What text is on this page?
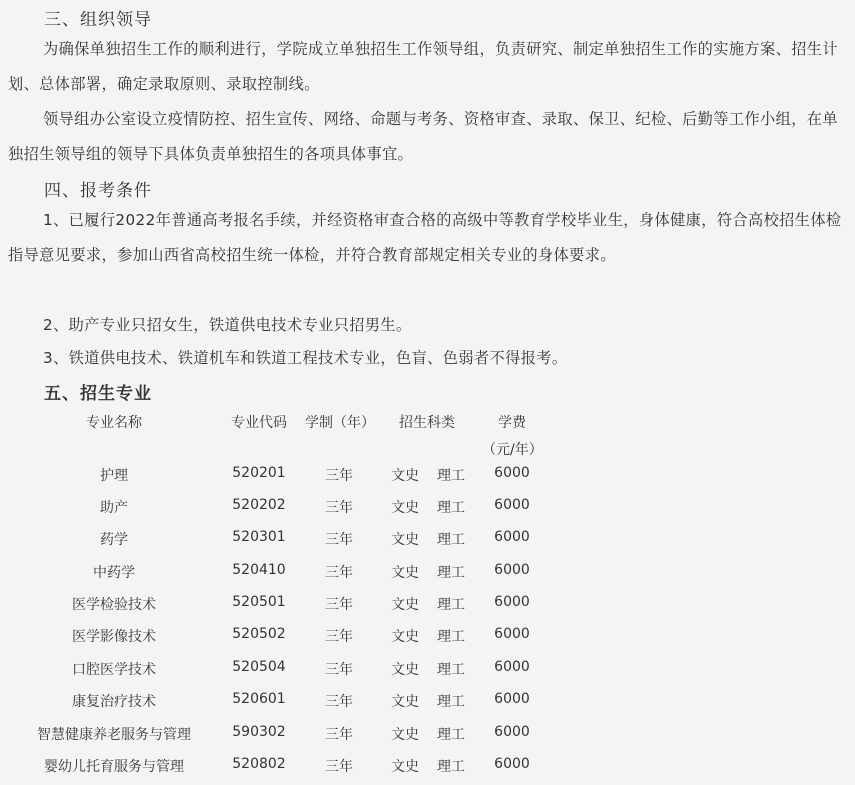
三、组织领导
为确保单独招生工作的顺利进行，学院成立单独招生工作领导组，负责研究、制定单独招生工作的实施方案、招生计划、总体部署，确定录取原则、录取控制线。
领导组办公室设立疫情防控、招生宣传、网络、命题与考务、资格审查、录取、保卫、纪检、后勤等工作小组，在单独招生领导组的领导下具体负责单独招生的各项具体事宜。
四、报考条件
1、已履行2022年普通高考报名手续，并经资格审查合格的高级中等教育学校毕业生，身体健康，符合高校招生体检指导意见要求，参加山西省高校招生统一体检，并符合教育部规定相关专业的身体要求。
2、助产专业只招女生，铁道供电技术专业只招男生。
3、铁道供电技术、铁道机车和铁道工程技术专业，色盲、色弱者不得报考。
五、招生专业
专业名称	专业代码 学制（年）	招生科类	学费
（元/年）
护理	520201	三年	文史	理工	6000
助产	520202	三年	文史	理工	6000
药学	520301	三年	文史	理工	6000
中药学	520410	三年	文史	理工	6000
医学检验技术	520501	三年	文史	理工	6000
医学影像技术	520502	三年	文史	理工	6000
口腔医学技术	520504	三年	文史	理工	6000
康复治疗技术	520601	三年	文史	理工	6000
智慧健康养老服务与管理	590302	三年	文史	理工	6000
婴幼儿托育服务与管理	520802	三年	文史	理工	6000
